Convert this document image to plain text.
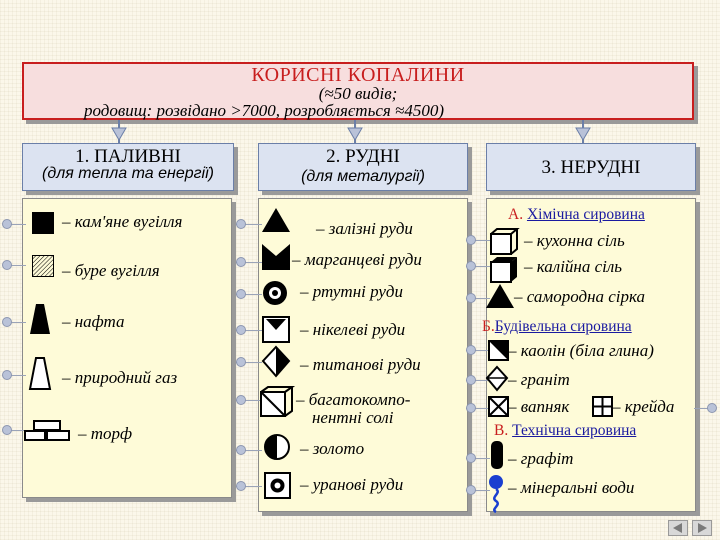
КОРИСНІ КОПАЛИНИ
(≈50 видів;
родовищ: розвідано >7000, розробляється ≈4500)
1. ПАЛИВНІ
(для тепла та енергії)
2. РУДНІ
(для металургії)	3. НЕРУДНІ
– кам'яне вугілля
– буре вугілля
– нафта
– природний газ
– торф
– залізні руди
– марганцеві руди
– ртутні руди
– нікелеві руди
– титанові руди
– багатокомпо-
нентні солі
– золото
– уранові руди
А. Хімічна сировина
– кухонна сіль
– калійна сіль
– самородна сірка
Б.Будівельна сировина
– каолін (біла глина)
– граніт
– вапняк	– крейда
В. Технічна сировина
– графіт
– мінеральні води
